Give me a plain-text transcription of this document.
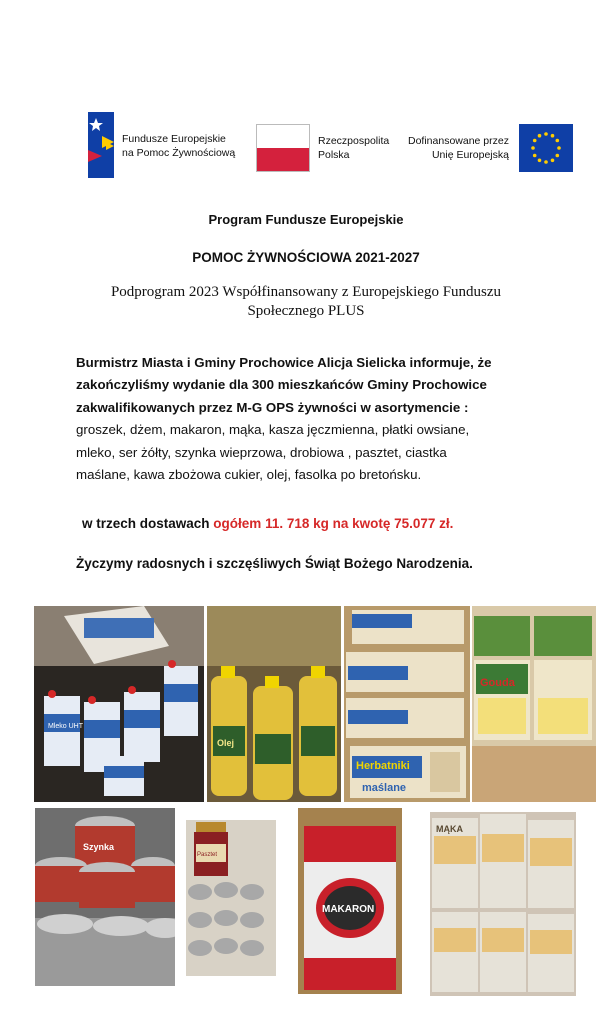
Fundusze Europejskie
na Pomoc Żywnościową
Rzeczpospolita
Polska
Dofinansowane przez
Unię Europejską
Program Fundusze Europejskie
POMOC ŻYWNOŚCIOWA 2021-2027
Podprogram 2023 Współfinansowany z Europejskiego Funduszu
Społecznego PLUS
Burmistrz Miasta i Gminy Prochowice Alicja Sielicka informuje, że
zakończyliśmy wydanie dla 300 mieszkańców Gminy Prochowice
zakwalifikowanych przez M-G OPS żywności w asortymencie :
groszek, dżem, makaron, mąka, kasza jęczmienna, płatki owsiane,
mleko, ser żółty, szynka wieprzowa, drobiowa , pasztet, ciastka
maślane, kawa zbożowa cukier, olej, fasolka po bretońsku.
w trzech dostawach ogółem 11. 718 kg na kwotę 75.077 zł.
Życzymy radosnych i szczęśliwych Świąt Bożego Narodzenia.
Mleko UHT
Olej
Herbatniki
maślane
Gouda
Szynka
Pasztet
MAKARON
MĄKA
